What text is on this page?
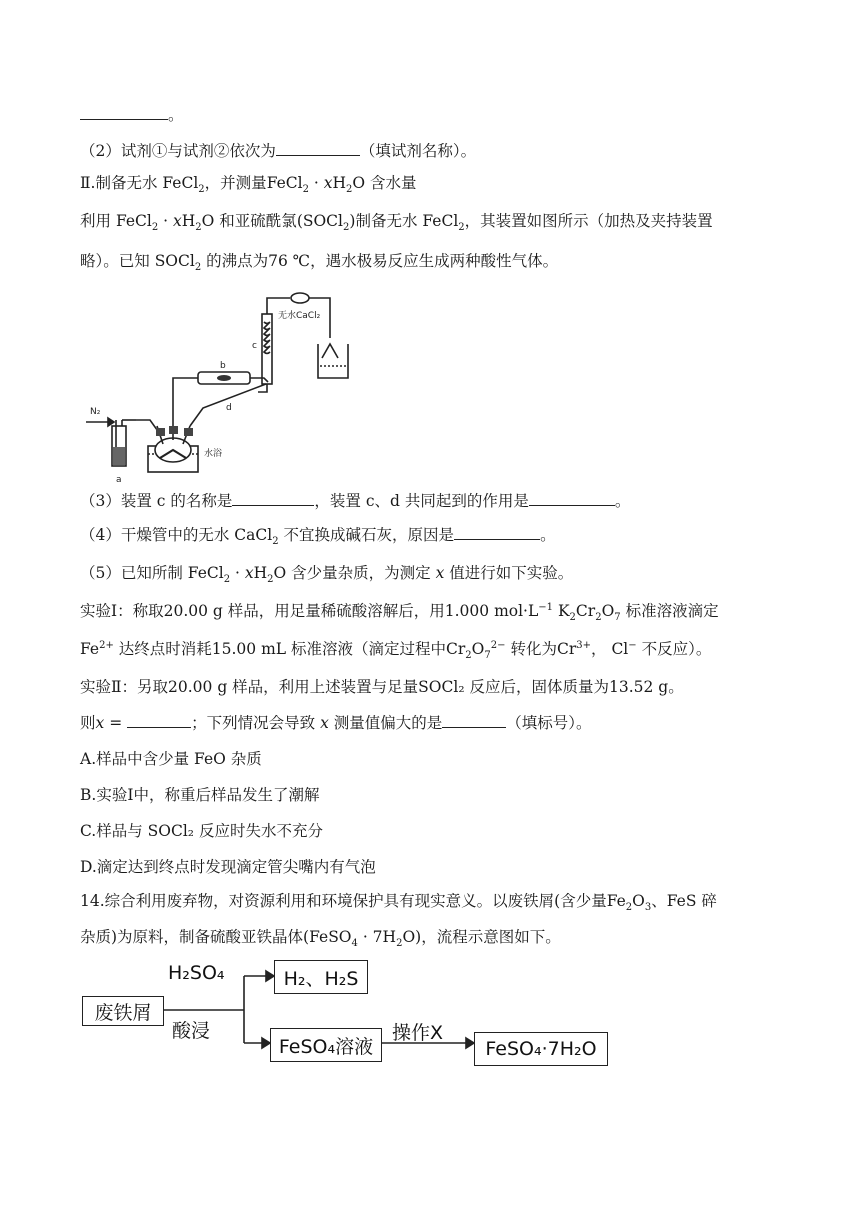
。
（2）试剂①与试剂②依次为	（填试剂名称）。
Ⅱ.制备无水 FeCl$_2$，并测量FeCl$_2$ · $xH_2O$ 含水量
利用 FeCl$_2$ · $xH_2O$ 和亚硫酰氯(SOCl$_2$)制备无水 FeCl$_2$，其装置如图所示（加热及夹持装置
略）。已知 SOCl$_2$ 的沸点为76 ℃，遇水极易反应生成两种酸性气体。
N₂
a
b
c
d
水浴
无水CaCl₂
（3）装置 c 的名称是	，装置 c、d 共同起到的作用是	。
（4）干燥管中的无水 CaCl$_2$ 不宜换成碱石灰，原因是	。
（5）已知所制 FeCl$_2$ · $xH_2O$ 含少量杂质，为测定 x 值进行如下实验。
实验Ⅰ：称取20.00 g 样品，用足量稀硫酸溶解后，用1.000 $mol\cdot L^{-1}$ $K_2Cr_2O_7$ 标准溶液滴定
$Fe^{2+}$ 达终点时消耗15.00 mL 标准溶液（滴定过程中$Cr_2O_7^{2-}$ 转化为$Cr^{3+}$， Cl− 不反应）。
实验Ⅱ：另取20.00 g 样品，利用上述装置与足量SOCl₂ 反应后，固体质量为13.52 g。
则x =	；下列情况会导致 x 测量值偏大的是	（填标号）。
A.样品中含少量 FeO 杂质
B.实验Ⅰ中，称重后样品发生了潮解
C.样品与 SOCl₂ 反应时失水不充分
D.滴定达到终点时发现滴定管尖嘴内有气泡
14.综合利用废弃物，对资源利用和环境保护具有现实意义。以废铁屑(含少量$Fe_2O_3$、FeS 碎
杂质)为原料，制备硫酸亚铁晶体(FeSO$_4$ · $7H_2O$)，流程示意图如下。
废铁屑
H₂SO₄
酸浸
H₂、H₂S
FeSO₄溶液
操作X
FeSO₄·7H₂O
